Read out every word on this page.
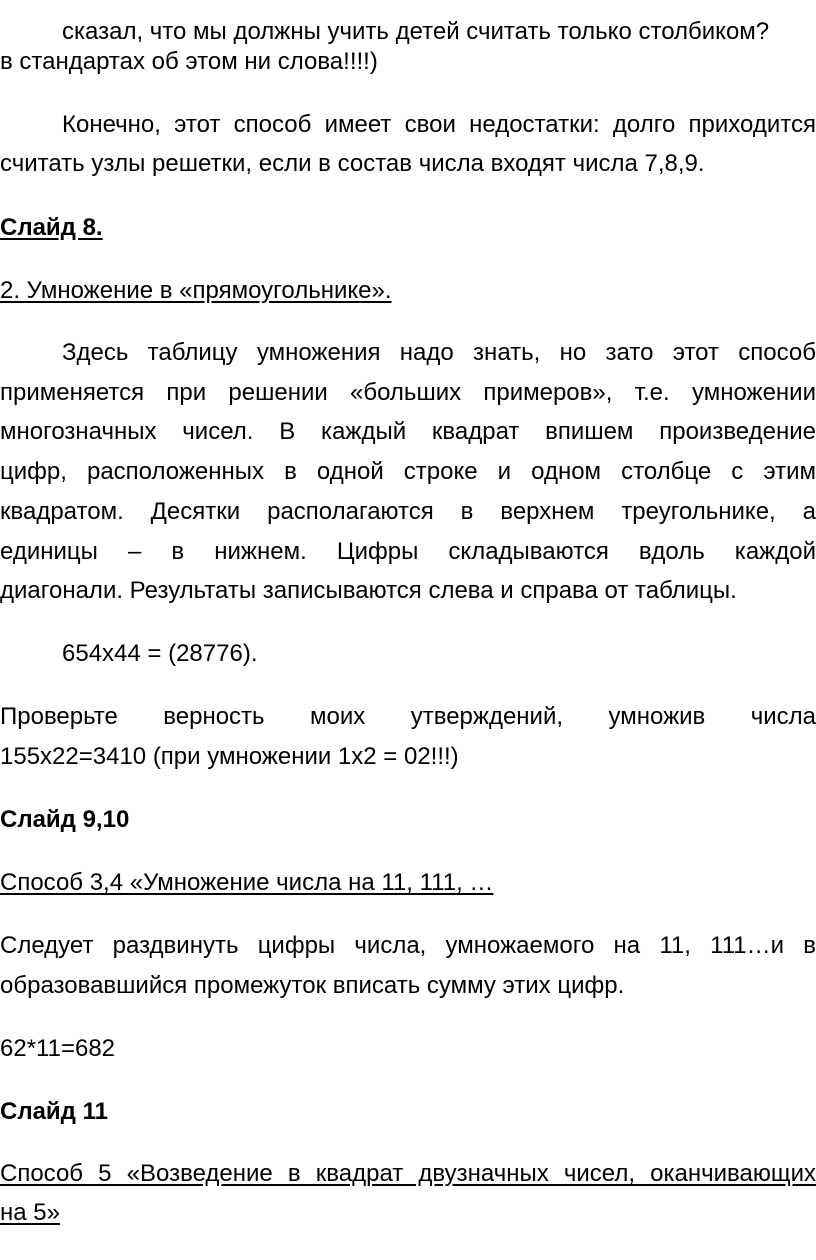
сказал, что мы должны учить детей считать только столбиком?
в стандартах об этом ни слова!!!!)
Конечно, этот способ имеет свои недостатки: долго приходится
считать узлы решетки, если в состав числа входят числа 7,8,9.
Слайд 8.
2. Умножение в «прямоугольнике».
Здесь таблицу умножения надо знать, но зато этот способ
применяется при решении «больших примеров», т.е. умножении
многозначных чисел. В каждый квадрат впишем произведение
цифр, расположенных в одной строке и одном столбце с этим
квадратом. Десятки располагаются в верхнем треугольнике, а
единицы – в нижнем. Цифры складываются вдоль каждой
диагонали. Результаты записываются слева и справа от таблицы.
654х44 = (28776).
Проверьте верность моих утверждений, умножив числа
155х22=3410 (при умножении 1х2 = 02!!!)
Слайд 9,10
Способ 3,4 «Умножение числа на 11, 111, …
Следует раздвинуть цифры числа, умножаемого на 11, 111…и в
образовавшийся промежуток вписать сумму этих цифр.
62*11=682
Слайд 11
Способ 5 «Возведение в квадрат двузначных чисел, оканчивающих
на 5»
